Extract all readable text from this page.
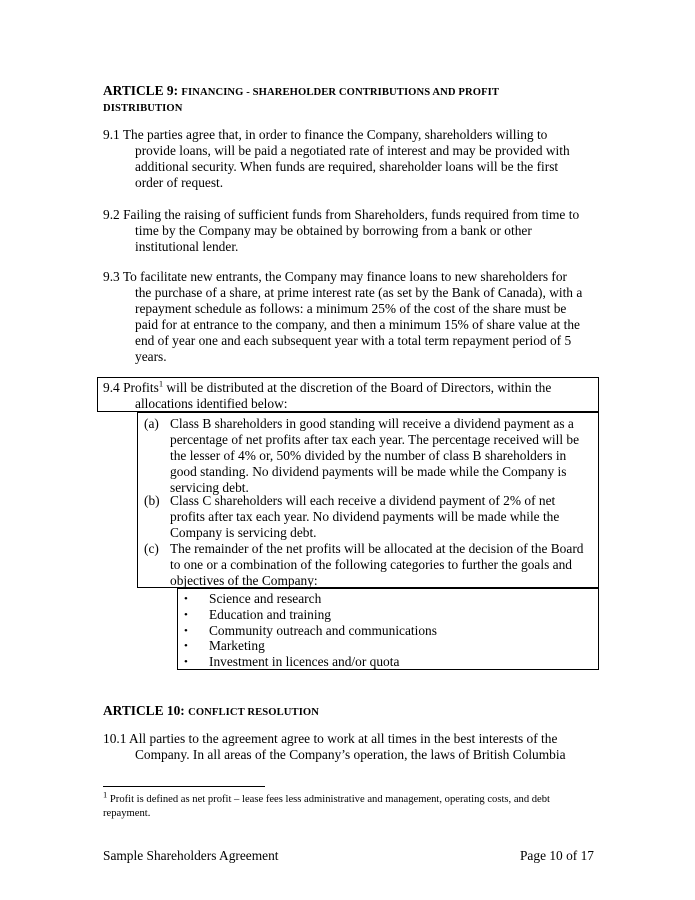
ARTICLE 9: FINANCING - SHAREHOLDER CONTRIBUTIONS AND PROFIT
DISTRIBUTION
9.1 The parties agree that, in order to finance the Company, shareholders willing to
provide loans, will be paid a negotiated rate of interest and may be provided with
additional security. When funds are required, shareholder loans will be the first
order of request.
9.2 Failing the raising of sufficient funds from Shareholders, funds required from time to
time by the Company may be obtained by borrowing from a bank or other
institutional lender.
9.3 To facilitate new entrants, the Company may finance loans to new shareholders for
the purchase of a share, at prime interest rate (as set by the Bank of Canada), with a
repayment schedule as follows: a minimum 25% of the cost of the share must be
paid for at entrance to the company, and then a minimum 15% of share value at the
end of year one and each subsequent year with a total term repayment period of 5
years.
9.4 Profits$^1$ will be distributed at the discretion of the Board of Directors, within the
allocations identified below:
(a) Class B shareholders in good standing will receive a dividend payment as a
percentage of net profits after tax each year. The percentage received will be
the lesser of 4% or, 50% divided by the number of class B shareholders in
good standing. No dividend payments will be made while the Company is
servicing debt.
(b) Class C shareholders will each receive a dividend payment of 2% of net
profits after tax each year. No dividend payments will be made while the
Company is servicing debt.
(c) The remainder of the net profits will be allocated at the decision of the Board
to one or a combination of the following categories to further the goals and
objectives of the Company:
• Science and research
• Education and training
• Community outreach and communications
• Marketing
• Investment in licences and/or quota
ARTICLE 10: CONFLICT RESOLUTION
10.1 All parties to the agreement agree to work at all times in the best interests of the
Company. In all areas of the Company’s operation, the laws of British Columbia
$^1$ Profit is defined as net profit – lease fees less administrative and management, operating costs, and debt
repayment.
Sample Shareholders Agreement	Page 10 of 17
